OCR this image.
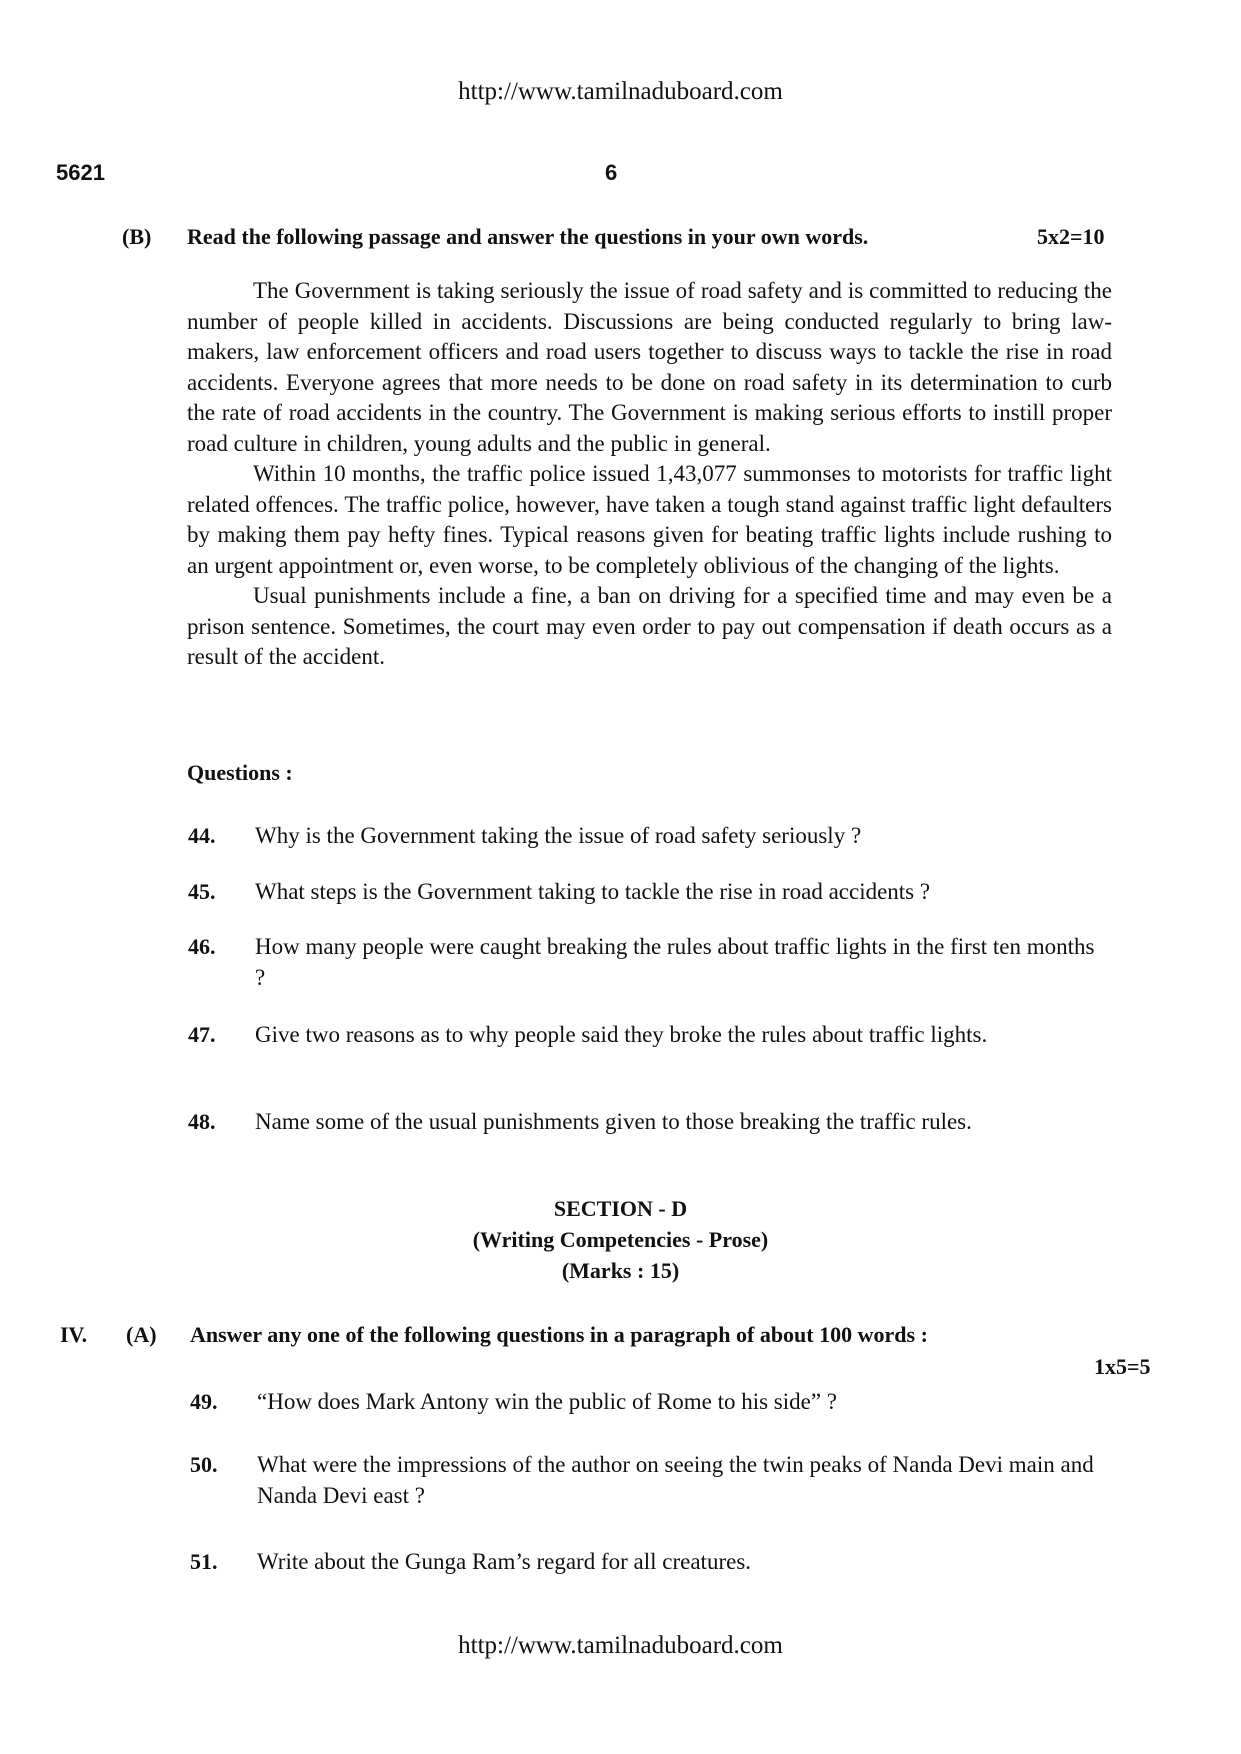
http://www.tamilnaduboard.com
5621	6
(B) Read the following passage and answer the questions in your own words.	5x2=10

The Government is taking seriously the issue of road safety and is committed to reducing the number of people killed in accidents. Discussions are being conducted regularly to bring law-makers, law enforcement officers and road users together to discuss ways to tackle the rise in road accidents. Everyone agrees that more needs to be done on road safety in its determination to curb the rate of road accidents in the country. The Government is making serious efforts to instill proper road culture in children, young adults and the public in general.

Within 10 months, the traffic police issued 1,43,077 summonses to motorists for traffic light related offences. The traffic police, however, have taken a tough stand against traffic light defaulters by making them pay hefty fines. Typical reasons given for beating traffic lights include rushing to an urgent appointment or, even worse, to be completely oblivious of the changing of the lights.

Usual punishments include a fine, a ban on driving for a specified time and may even be a prison sentence. Sometimes, the court may even order to pay out compensation if death occurs as a result of the accident.

Questions :
44. Why is the Government taking the issue of road safety seriously ?
45. What steps is the Government taking to tackle the rise in road accidents ?
46. How many people were caught breaking the rules about traffic lights in the first ten months ?
47. Give two reasons as to why people said they broke the rules about traffic lights.
48. Name some of the usual punishments given to those breaking the traffic rules.
SECTION - D
(Writing Competencies - Prose)
(Marks : 15)
IV. (A) Answer any one of the following questions in a paragraph of about 100 words :
1x5=5
49. “How does Mark Antony win the public of Rome to his side” ?
50. What were the impressions of the author on seeing the twin peaks of Nanda Devi main and Nanda Devi east ?
51. Write about the Gunga Ram’s regard for all creatures.
http://www.tamilnaduboard.com
